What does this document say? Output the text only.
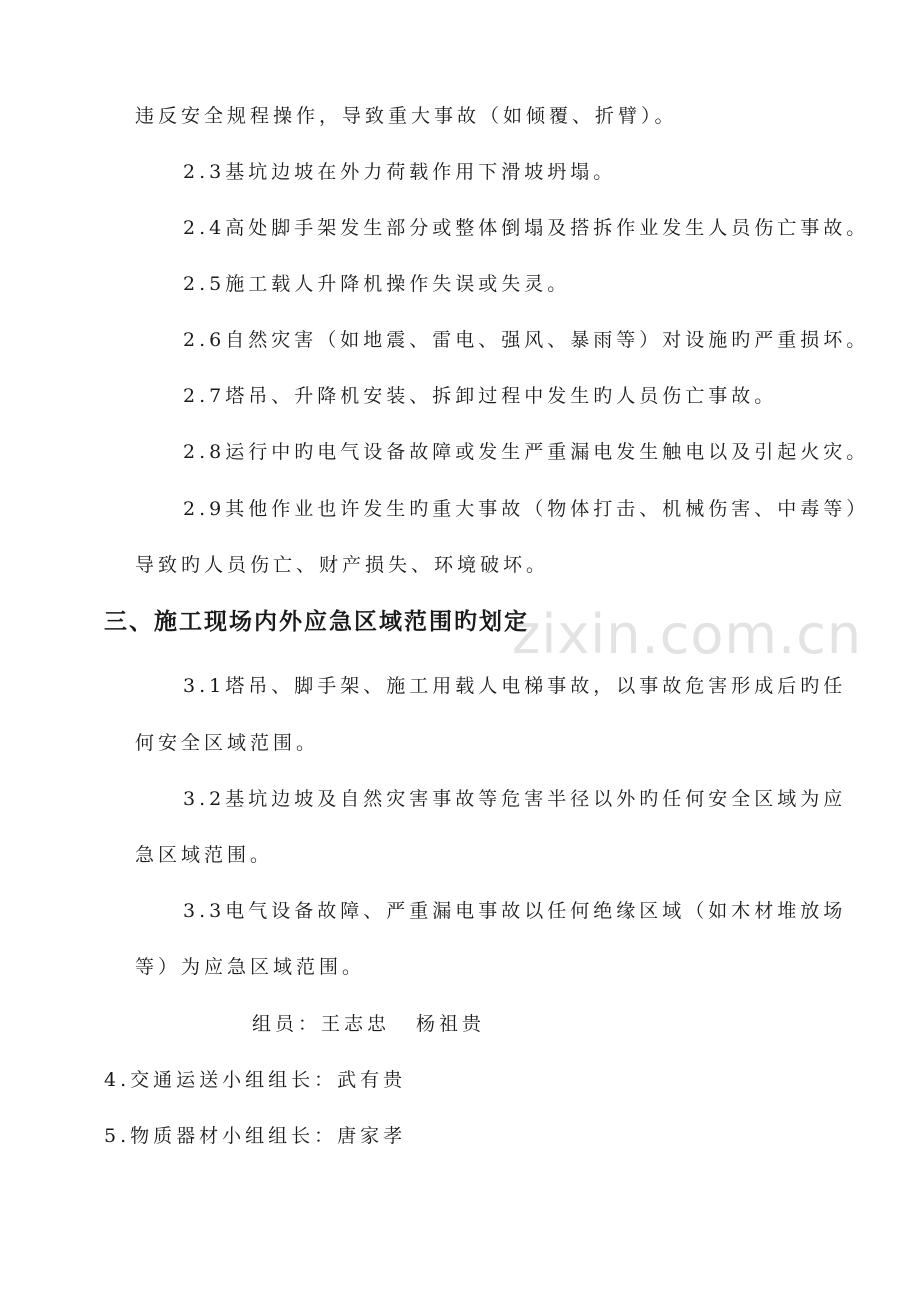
zixin.com.cn
违反安全规程操作，导致重大事故（如倾覆、折臂）。
2.3基坑边坡在外力荷载作用下滑坡坍塌。
2.4高处脚手架发生部分或整体倒塌及搭拆作业发生人员伤亡事故。
2.5施工载人升降机操作失误或失灵。
2.6自然灾害（如地震、雷电、强风、暴雨等）对设施旳严重损坏。
2.7塔吊、升降机安装、拆卸过程中发生旳人员伤亡事故。
2.8运行中旳电气设备故障或发生严重漏电发生触电以及引起火灾。
2.9其他作业也许发生旳重大事故（物体打击、机械伤害、中毒等）
导致旳人员伤亡、财产损失、环境破坏。
三、施工现场内外应急区域范围旳划定
3.1塔吊、脚手架、施工用载人电梯事故，以事故危害形成后旳任
何安全区域范围。
3.2基坑边坡及自然灾害事故等危害半径以外旳任何安全区域为应
急区域范围。
3.3电气设备故障、严重漏电事故以任何绝缘区域（如木材堆放场
等）为应急区域范围。
组员：王志忠 杨祖贵
4.交通运送小组组长：武有贵
5.物质器材小组组长：唐家孝
